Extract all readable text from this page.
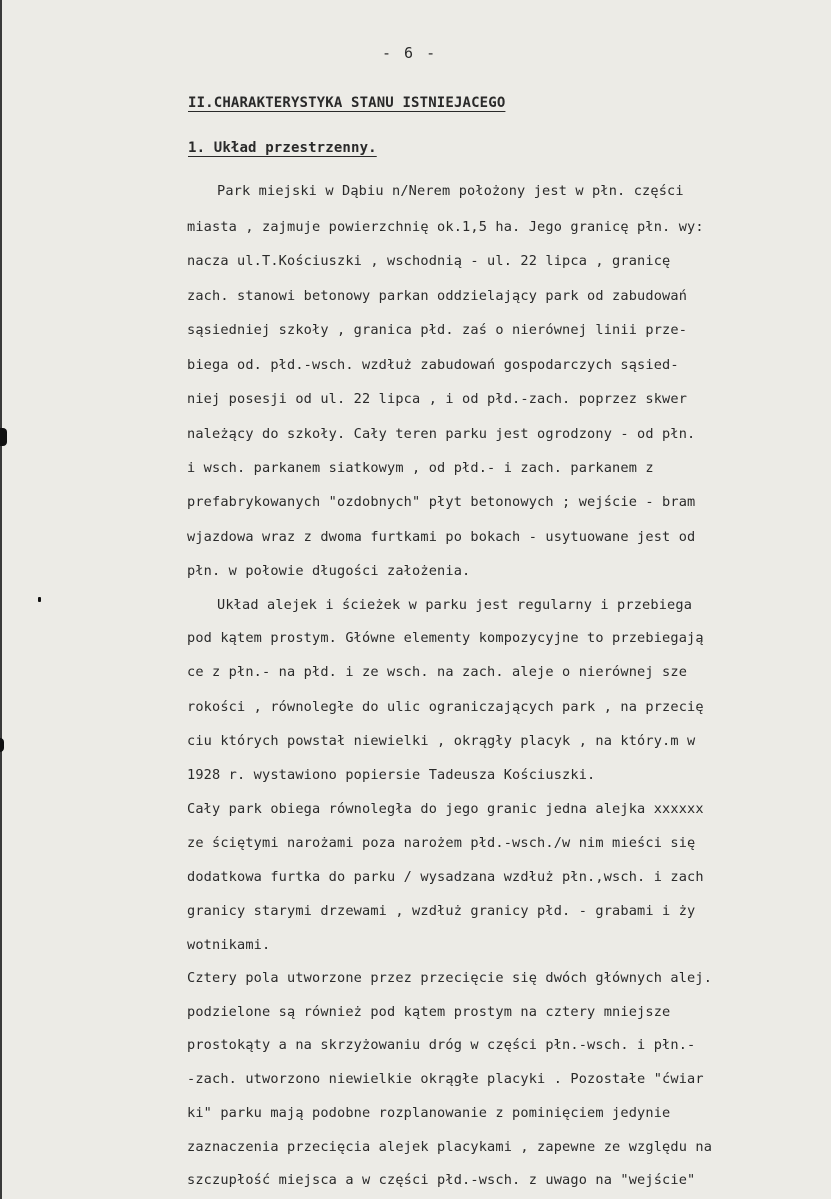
- 6 -
II.CHARAKTERYSTYKA STANU ISTNIEJACEGO
1. Układ przestrzenny.
Park miejski w Dąbiu n/Nerem położony jest w płn. części
miasta , zajmuje powierzchnię ok.1,5 ha. Jego granicę płn. wy:
nacza ul.T.Kościuszki , wschodnią - ul. 22 lipca , granicę
zach. stanowi betonowy parkan oddzielający park od zabudowań
sąsiedniej szkoły , granica płd. zaś o nierównej linii prze-
biega od. płd.-wsch. wzdłuż zabudowań gospodarczych sąsied-
niej posesji od ul. 22 lipca , i od płd.-zach. poprzez skwer
należący do szkoły. Cały teren parku jest ogrodzony - od płn.
i wsch. parkanem siatkowym , od płd.- i zach. parkanem z
prefabrykowanych "ozdobnych" płyt betonowych ; wejście - bram
wjazdowa wraz z dwoma furtkami po bokach - usytuowane jest od
płn. w połowie długości założenia.
Układ alejek i ścieżek w parku jest regularny i przebiega
pod kątem prostym. Główne elementy kompozycyjne to przebiegają
ce z płn.- na płd. i ze wsch. na zach. aleje o nierównej sze
rokości , równoległe do ulic ograniczających park , na przecię
ciu których powstał niewielki , okrągły placyk , na który.m w
1928 r. wystawiono popiersie Tadeusza Kościuszki.
Cały park obiega równoległa do jego granic jedna alejka xxxxxx
ze ściętymi narożami poza narożem płd.-wsch./w nim mieści się
dodatkowa furtka do parku / wysadzana wzdłuż płn.,wsch. i zach
granicy starymi drzewami , wzdłuż granicy płd. - grabami i ży
wotnikami.
Cztery pola utworzone przez przecięcie się dwóch głównych alej.
podzielone są również pod kątem prostym na cztery mniejsze
prostokąty a na skrzyżowaniu dróg w części płn.-wsch. i płn.-
-zach. utworzono niewielkie okrągłe placyki . Pozostałe "ćwiar
ki" parku mają podobne rozplanowanie z pominięciem jedynie
zaznaczenia przecięcia alejek placykami , zapewne ze względu na
szczupłość miejsca a w części płd.-wsch. z uwago na "wejście"
